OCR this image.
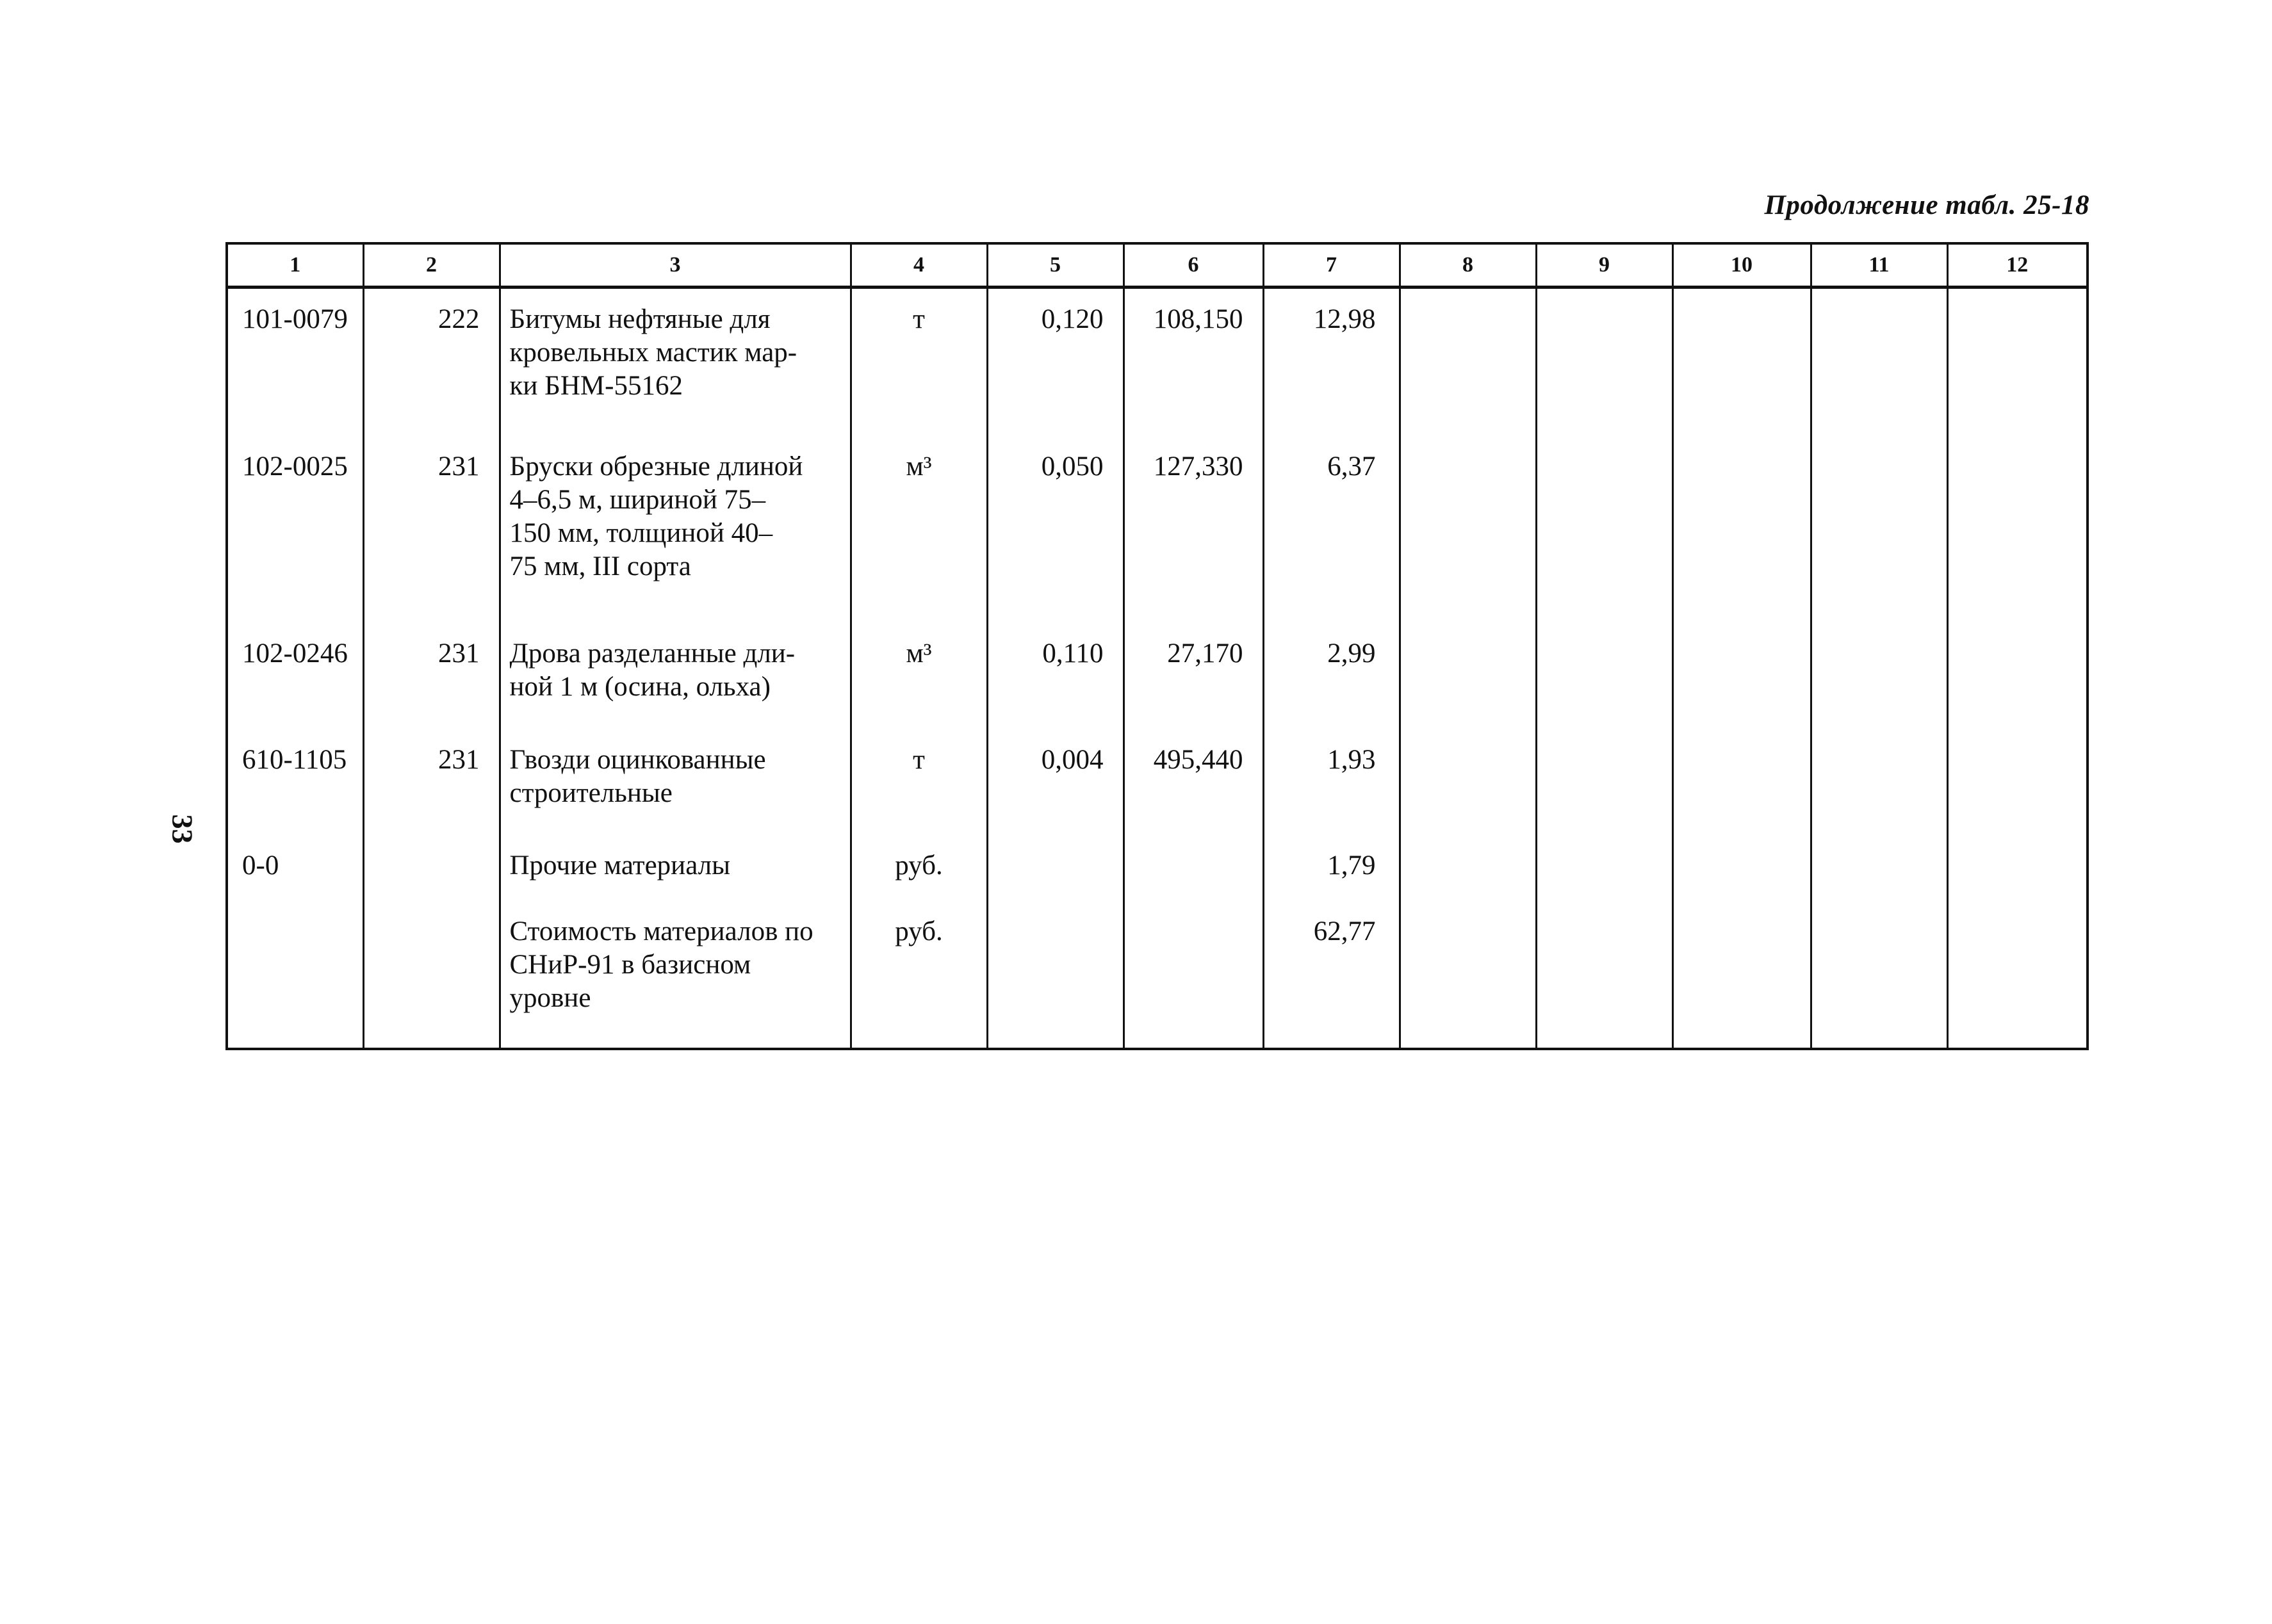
Продолжение табл. 25-18
33
1	2	3	4	5	6	7	8	9	10	11	12
101-0079	222	Битумы нефтяные для
кровельных мастик мар-
ки БНМ-55162	т	0,120	108,150	12,98					
102-0025	231	Бруски обрезные длиной
4–6,5 м, шириной 75–
150 мм, толщиной 40–
75 мм, III сорта	м³	0,050	127,330	6,37					
102-0246	231	Дрова разделанные дли-
ной 1 м (осина, ольха)	м³	0,110	27,170	2,99					
610-1105	231	Гвозди оцинкованные
строительные	т	0,004	495,440	1,93					
0-0		Прочие материалы	руб.			1,79					

		Стоимость материалов по
СНиР-91 в базисном
уровне	руб.			62,77					
